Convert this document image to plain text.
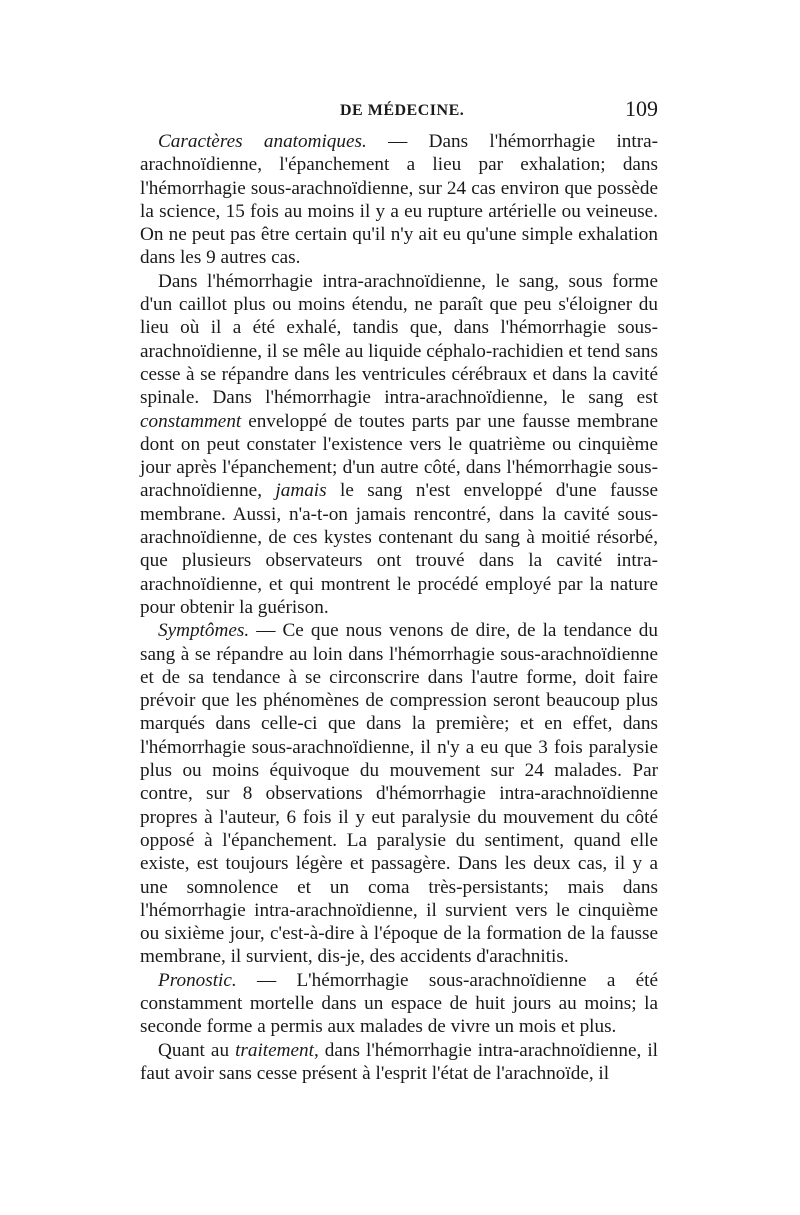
DE MÉDECINE.	109

Caractères anatomiques. — Dans l'hémorrhagie intra-arachnoïdienne, l'épanchement a lieu par exhalation; dans l'hémorrhagie sous-arachnoïdienne, sur 24 cas environ que possède la science, 15 fois au moins il y a eu rupture artérielle ou veineuse. On ne peut pas être certain qu'il n'y ait eu qu'une simple exhalation dans les 9 autres cas.

Dans l'hémorrhagie intra-arachnoïdienne, le sang, sous forme d'un caillot plus ou moins étendu, ne paraît que peu s'éloigner du lieu où il a été exhalé, tandis que, dans l'hémorrhagie sous-arachnoïdienne, il se mêle au liquide céphalo-rachidien et tend sans cesse à se répandre dans les ventricules cérébraux et dans la cavité spinale. Dans l'hémorrhagie intra-arachnoïdienne, le sang est constamment enveloppé de toutes parts par une fausse membrane dont on peut constater l'existence vers le quatrième ou cinquième jour après l'épanchement; d'un autre côté, dans l'hémorrhagie sous-arachnoïdienne, jamais le sang n'est enveloppé d'une fausse membrane. Aussi, n'a-t-on jamais rencontré, dans la cavité sous-arachnoïdienne, de ces kystes contenant du sang à moitié résorbé, que plusieurs observateurs ont trouvé dans la cavité intra-arachnoïdienne, et qui montrent le procédé employé par la nature pour obtenir la guérison.

Symptômes. — Ce que nous venons de dire, de la tendance du sang à se répandre au loin dans l'hémorrhagie sous-arachnoïdienne et de sa tendance à se circonscrire dans l'autre forme, doit faire prévoir que les phénomènes de compression seront beaucoup plus marqués dans celle-ci que dans la première; et en effet, dans l'hémorrhagie sous-arachnoïdienne, il n'y a eu que 3 fois paralysie plus ou moins équivoque du mouvement sur 24 malades. Par contre, sur 8 observations d'hémorrhagie intra-arachnoïdienne propres à l'auteur, 6 fois il y eut paralysie du mouvement du côté opposé à l'épanchement. La paralysie du sentiment, quand elle existe, est toujours légère et passagère. Dans les deux cas, il y a une somnolence et un coma très-persistants; mais dans l'hémorrhagie intra-arachnoïdienne, il survient vers le cinquième ou sixième jour, c'est-à-dire à l'époque de la formation de la fausse membrane, il survient, dis-je, des accidents d'arachnitis.

Pronostic. — L'hémorrhagie sous-arachnoïdienne a été constamment mortelle dans un espace de huit jours au moins; la seconde forme a permis aux malades de vivre un mois et plus.

Quant au traitement, dans l'hémorrhagie intra-arachnoïdienne, il faut avoir sans cesse présent à l'esprit l'état de l'arachnoïde, il
